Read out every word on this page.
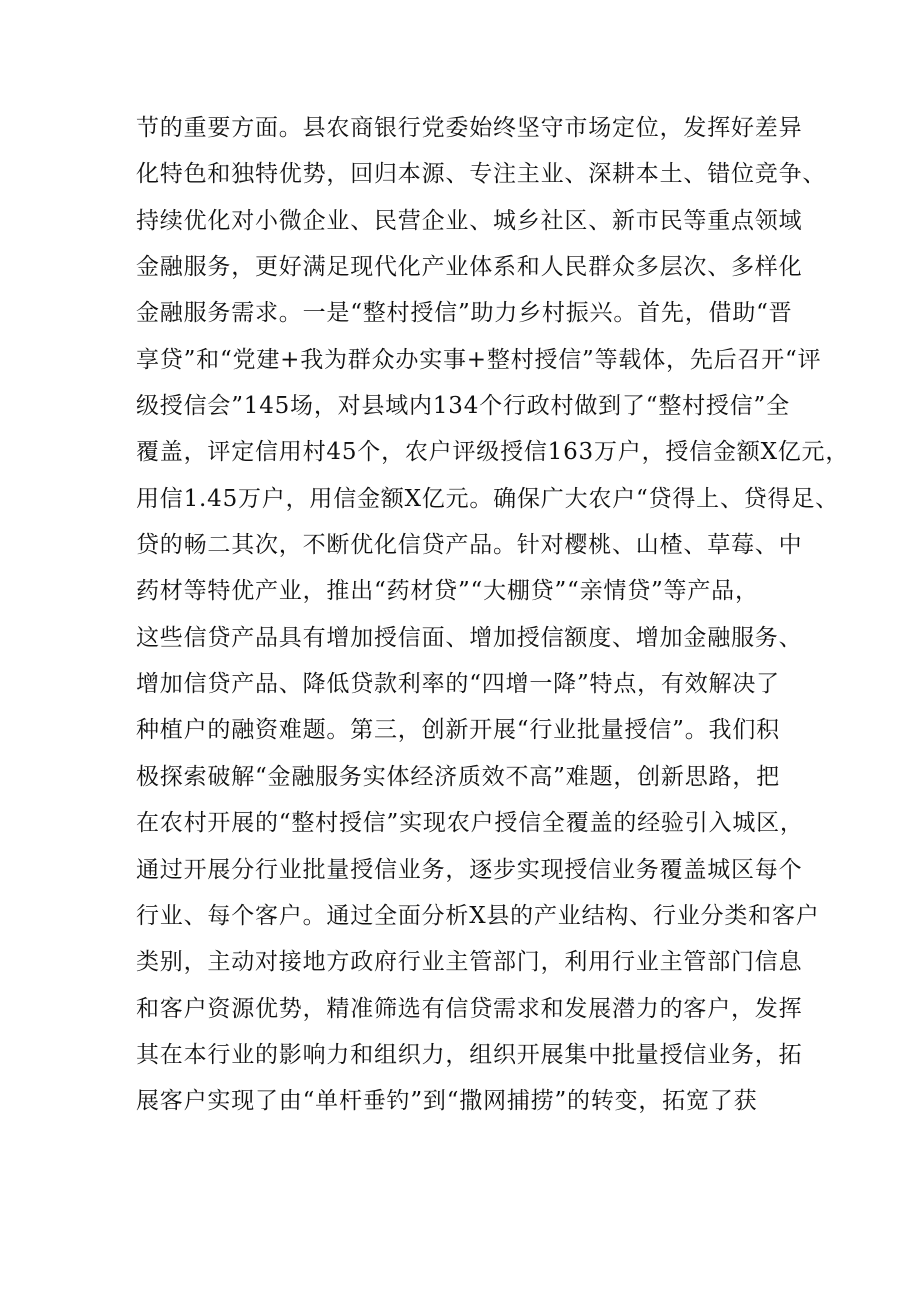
节的重要方面。县农商银行党委始终坚守市场定位，发挥好差异
化特色和独特优势，回归本源、专注主业、深耕本土、错位竞争、
持续优化对小微企业、民营企业、城乡社区、新市民等重点领域
金融服务，更好满足现代化产业体系和人民群众多层次、多样化
金融服务需求。一是“整村授信”助力乡村振兴。首先，借助“晋
享贷”和“党建+我为群众办实事+整村授信”等载体，先后召开“评
级授信会”145场，对县域内134个行政村做到了“整村授信”全
覆盖，评定信用村45个，农户评级授信163万户，授信金额X亿元，
用信1.45万户，用信金额X亿元。确保广大农户“贷得上、贷得足、
贷的畅二其次，不断优化信贷产品。针对樱桃、山楂、草莓、中
药材等特优产业，推出“药材贷”“大棚贷”“亲情贷”等产品，
这些信贷产品具有增加授信面、增加授信额度、增加金融服务、
增加信贷产品、降低贷款利率的“四增一降”特点，有效解决了
种植户的融资难题。第三，创新开展“行业批量授信”。我们积
极探索破解“金融服务实体经济质效不高”难题，创新思路，把
在农村开展的“整村授信”实现农户授信全覆盖的经验引入城区，
通过开展分行业批量授信业务，逐步实现授信业务覆盖城区每个
行业、每个客户。通过全面分析X县的产业结构、行业分类和客户
类别，主动对接地方政府行业主管部门，利用行业主管部门信息
和客户资源优势，精准筛选有信贷需求和发展潜力的客户，发挥
其在本行业的影响力和组织力，组织开展集中批量授信业务，拓
展客户实现了由“单杆垂钓”到“撒网捕捞”的转变，拓宽了获
